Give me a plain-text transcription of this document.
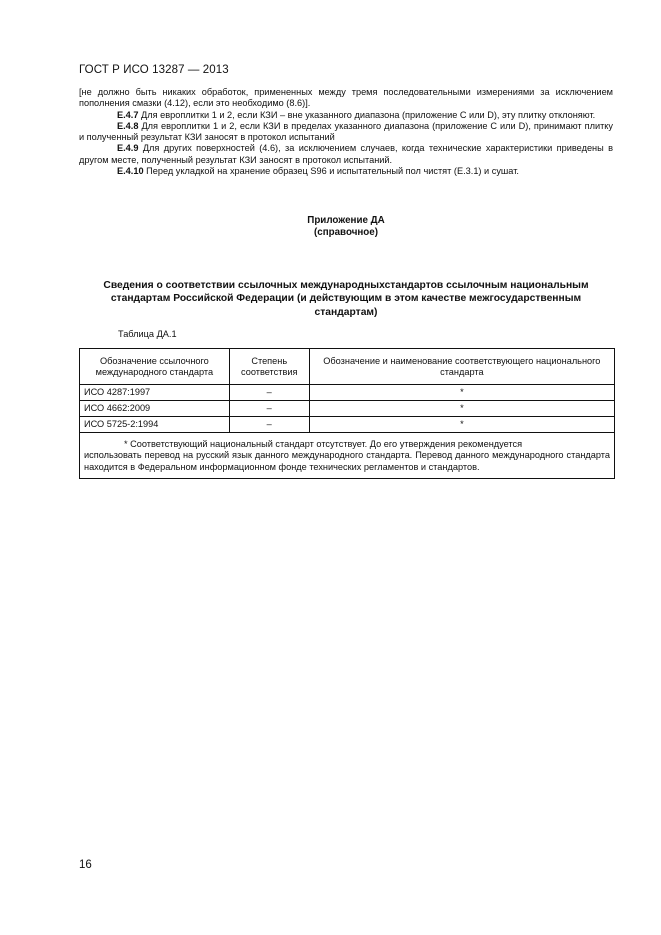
ГОСТ Р ИСО 13287 — 2013

[не должно быть никаких обработок, примененных между тремя последовательными измерениями за исключением пополнения смазки (4.12), если это необходимо (8.6)].

Е.4.7 Для европлитки 1 и 2, если КЗИ – вне указанного диапазона (приложение С или D), эту плитку отклоняют.

Е.4.8 Для европлитки 1 и 2, если КЗИ в пределах указанного диапазона (приложение С или D), принимают плитку и полученный результат КЗИ заносят в протокол испытаний

Е.4.9 Для других поверхностей (4.6), за исключением случаев, когда технические характеристики приведены в другом месте, полученный результат КЗИ заносят в протокол испытаний.

Е.4.10 Перед укладкой на хранение образец S96 и испытательный пол чистят (Е.3.1) и сушат.

Приложение ДА
(справочное)
Сведения о соответствии ссылочных международныхстандартов ссылочным национальным
стандартам Российской Федерации (и действующим в этом качестве межгосударственным
стандартам)
Таблица ДА.1
Обозначение ссылочного международного стандарта	Степень соответствия	Обозначение и наименование соответствующего национального стандарта
ИСО 4287:1997	–	*
ИСО 4662:2009	–	*
ИСО 5725-2:1994	–	*

* Соответствующий национальный стандарт отсутствует. До его утверждения рекомендуется
использовать перевод на русский язык данного международного стандарта. Перевод данного международного стандарта находится в Федеральном информационном фонде технических регламентов и стандартов.		
16
